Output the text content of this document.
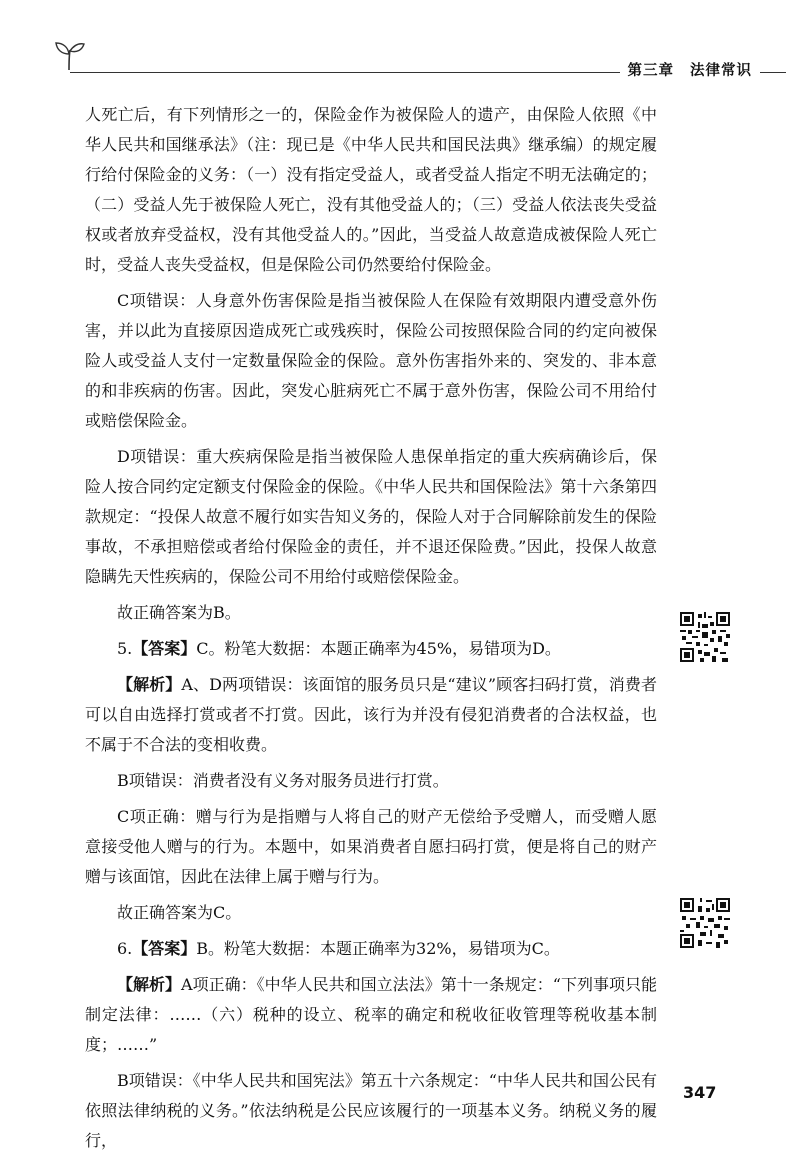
第三章 法律常识

人死亡后，有下列情形之一的，保险金作为被保险人的遗产，由保险人依照《中华人民共和国继承法》（注：现已是《中华人民共和国民法典》继承编）的规定履行给付保险金的义务：（一）没有指定受益人，或者受益人指定不明无法确定的；（二）受益人先于被保险人死亡，没有其他受益人的；（三）受益人依法丧失受益权或者放弃受益权，没有其他受益人的。”因此，当受益人故意造成被保险人死亡时，受益人丧失受益权，但是保险公司仍然要给付保险金。

C项错误：人身意外伤害保险是指当被保险人在保险有效期限内遭受意外伤害，并以此为直接原因造成死亡或残疾时，保险公司按照保险合同的约定向被保险人或受益人支付一定数量保险金的保险。意外伤害指外来的、突发的、非本意的和非疾病的伤害。因此，突发心脏病死亡不属于意外伤害，保险公司不用给付或赔偿保险金。

D项错误：重大疾病保险是指当被保险人患保单指定的重大疾病确诊后，保险人按合同约定定额支付保险金的保险。《中华人民共和国保险法》第十六条第四款规定：“投保人故意不履行如实告知义务的，保险人对于合同解除前发生的保险事故，不承担赔偿或者给付保险金的责任，并不退还保险费。”因此，投保人故意隐瞒先天性疾病的，保险公司不用给付或赔偿保险金。

故正确答案为B。

5.【答案】C。粉笔大数据：本题正确率为45%，易错项为D。

【解析】A、D两项错误：该面馆的服务员只是“建议”顾客扫码打赏，消费者可以自由选择打赏或者不打赏。因此，该行为并没有侵犯消费者的合法权益，也不属于不合法的变相收费。

B项错误：消费者没有义务对服务员进行打赏。

C项正确：赠与行为是指赠与人将自己的财产无偿给予受赠人，而受赠人愿意接受他人赠与的行为。本题中，如果消费者自愿扫码打赏，便是将自己的财产赠与该面馆，因此在法律上属于赠与行为。

故正确答案为C。

6.【答案】B。粉笔大数据：本题正确率为32%，易错项为C。

【解析】A项正确：《中华人民共和国立法法》第十一条规定：“下列事项只能制定法律：……（六）税种的设立、税率的确定和税收征收管理等税收基本制度；……”

B项错误：《中华人民共和国宪法》第五十六条规定：“中华人民共和国公民有依照法律纳税的义务。”依法纳税是公民应该履行的一项基本义务。纳税义务的履行，

347
